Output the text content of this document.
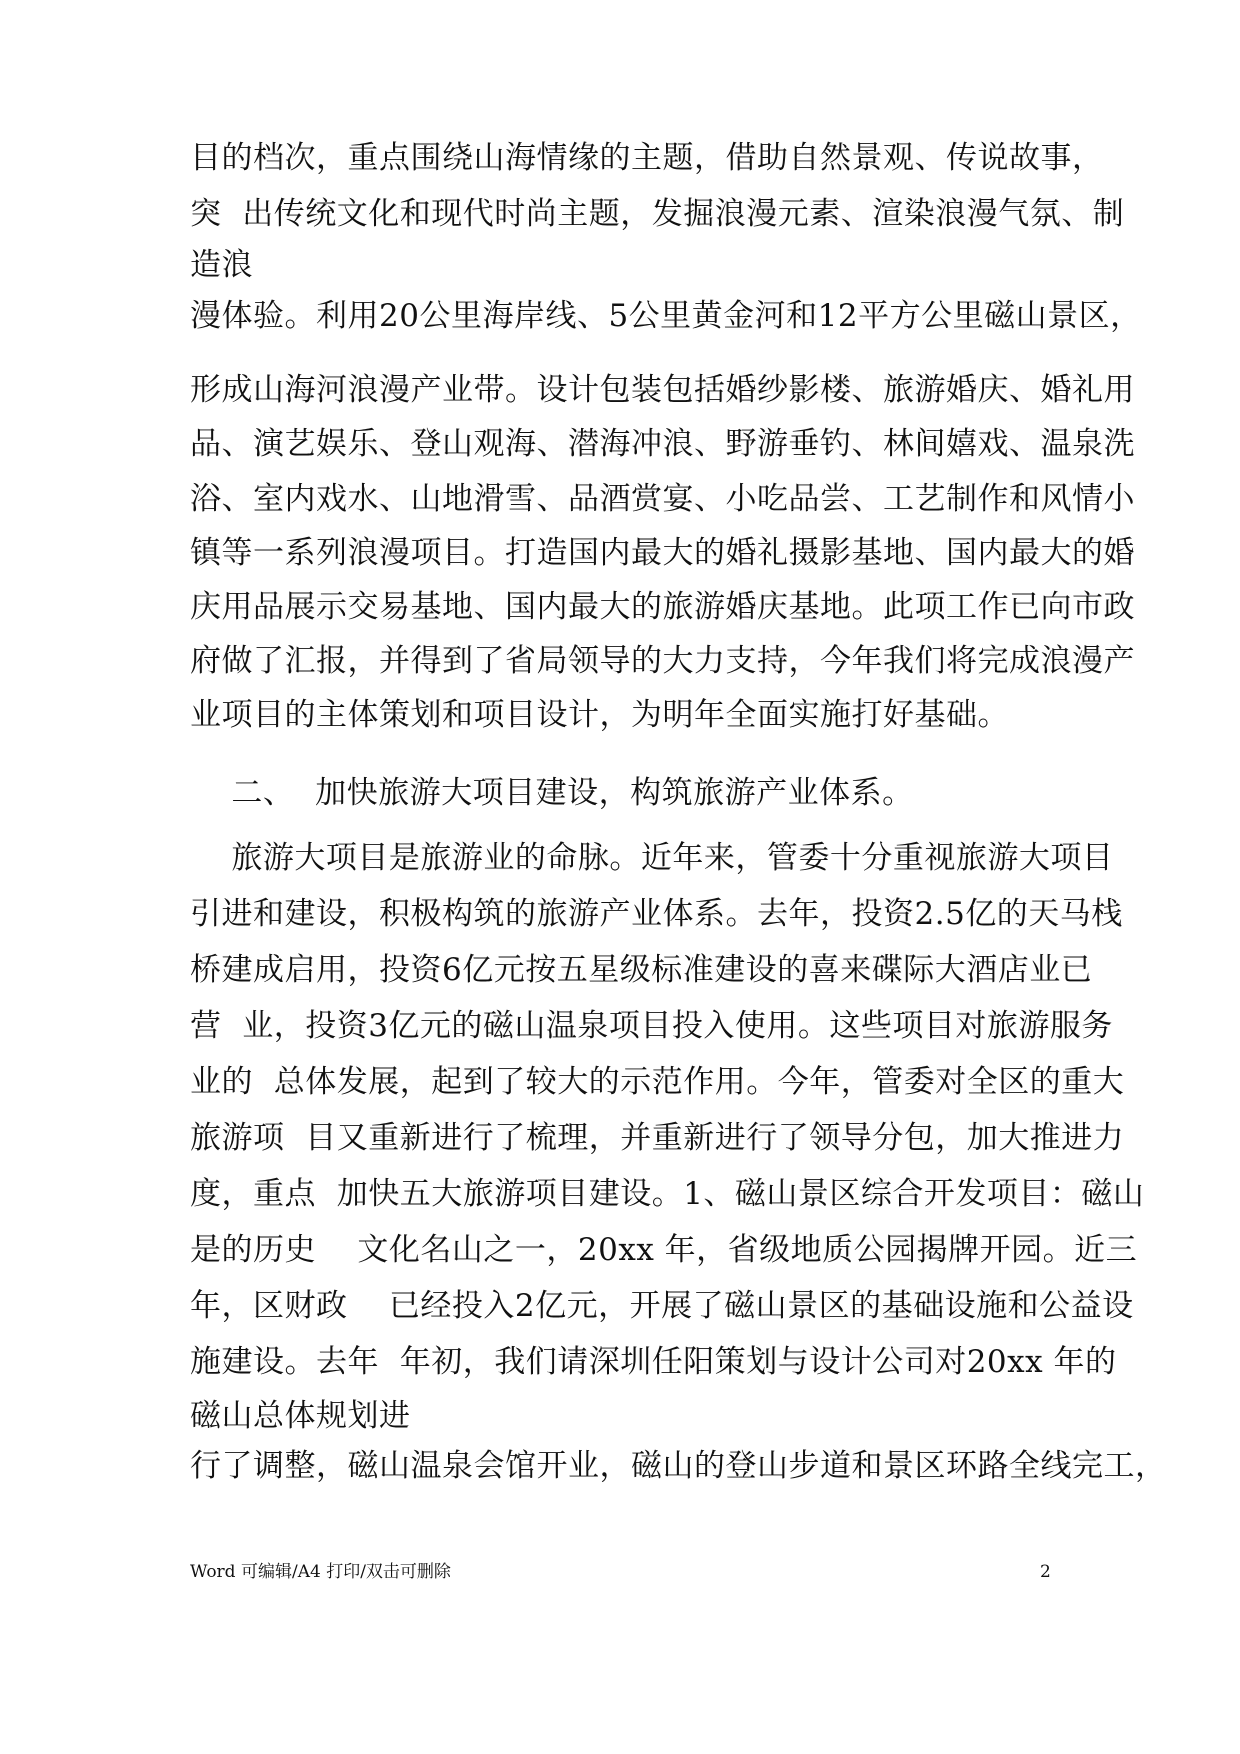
目的档次，重点围绕山海情缘的主题，借助自然景观、传说故事，
突  出传统文化和现代时尚主题，发掘浪漫元素、渲染浪漫气氛、制
造浪
漫体验。利用20公里海岸线、5公里黄金河和12平方公里磁山景区，
形成山海河浪漫产业带。设计包装包括婚纱影楼、旅游婚庆、婚礼用
品、演艺娱乐、登山观海、潜海冲浪、野游垂钓、林间嬉戏、温泉洗
浴、室内戏水、山地滑雪、品酒赏宴、小吃品尝、工艺制作和风情小
镇等一系列浪漫项目。打造国内最大的婚礼摄影基地、国内最大的婚
庆用品展示交易基地、国内最大的旅游婚庆基地。此项工作已向市政
府做了汇报，并得到了省局领导的大力支持，今年我们将完成浪漫产
业项目的主体策划和项目设计，为明年全面实施打好基础。
二、  加快旅游大项目建设，构筑旅游产业体系。
旅游大项目是旅游业的命脉。近年来，管委十分重视旅游大项目
引进和建设，积极构筑的旅游产业体系。去年，投资2.5亿的天马栈
桥建成启用，投资6亿元按五星级标准建设的喜来碟际大酒店业已
营  业，投资3亿元的磁山温泉项目投入使用。这些项目对旅游服务
业的  总体发展，起到了较大的示范作用。今年，管委对全区的重大
旅游项  目又重新进行了梳理，并重新进行了领导分包，加大推进力
度，重点  加快五大旅游项目建设。1、磁山景区综合开发项目：磁山
是的历史    文化名山之一，20xx 年，省级地质公园揭牌开园。近三
年，区财政    已经投入2亿元，开展了磁山景区的基础设施和公益设
施建设。去年  年初，我们请深圳任阳策划与设计公司对20xx 年的
磁山总体规划进
行了调整，磁山温泉会馆开业，磁山的登山步道和景区环路全线完工，
Word 可编辑/A4 打印/双击可删除	2
